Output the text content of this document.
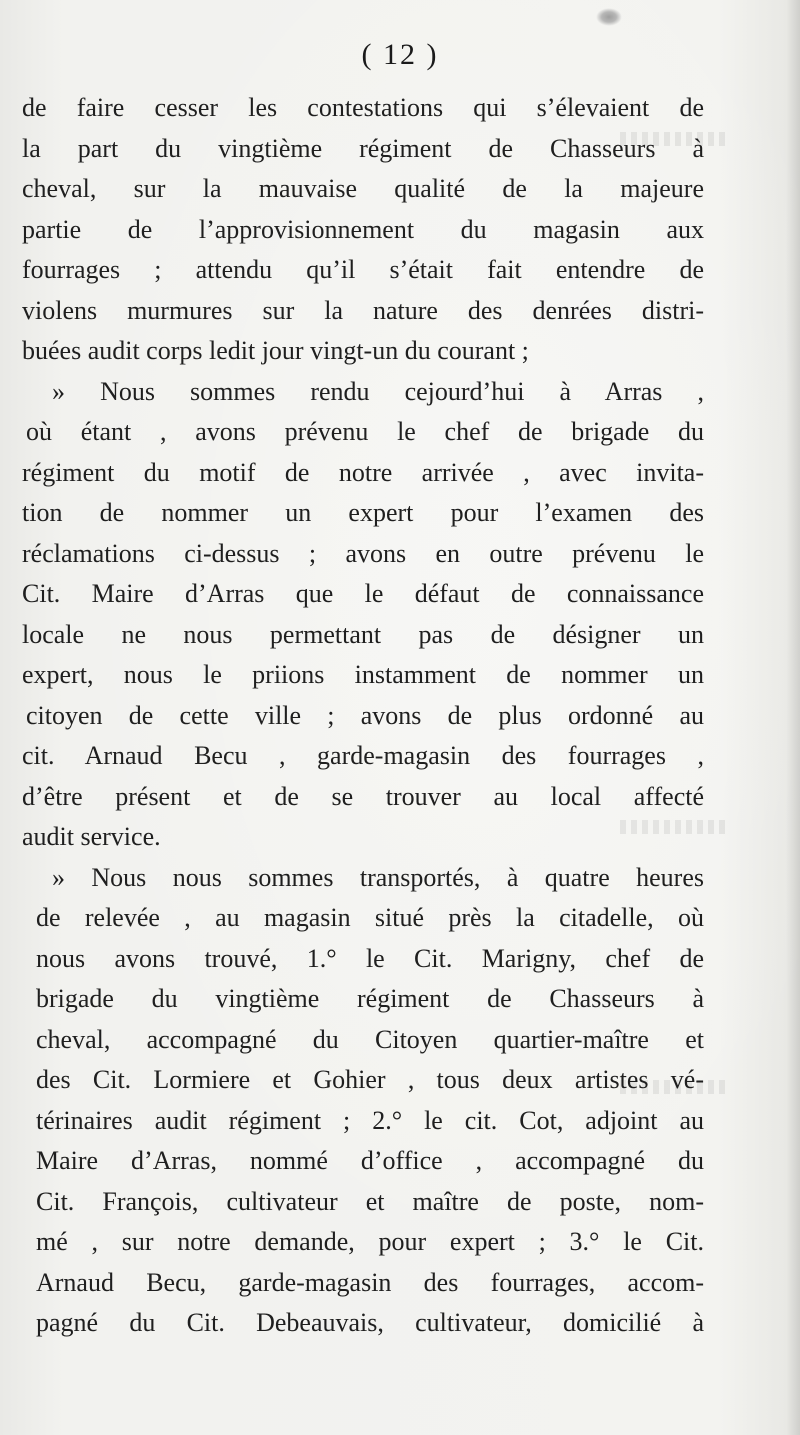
( 12 )
de faire cesser les contestations qui s’élevaient de
la part du vingtième régiment de Chasseurs à
cheval, sur la mauvaise qualité de la majeure
partie de l’approvisionnement du magasin aux
fourrages ; attendu qu’il s’était fait entendre de
violens murmures sur la nature des denrées distri-
buées audit corps ledit jour vingt-un du courant ;
» Nous sommes rendu cejourd’hui à Arras ,
où étant , avons prévenu le chef de brigade du
régiment du motif de notre arrivée , avec invita-
tion de nommer un expert pour l’examen des
réclamations ci-dessus ; avons en outre prévenu le
Cit. Maire d’Arras que le défaut de connaissance
locale ne nous permettant pas de désigner un
expert, nous le priions instamment de nommer un
citoyen de cette ville ; avons de plus ordonné au
cit. Arnaud Becu , garde-magasin des fourrages ,
d’être présent et de se trouver au local affecté
audit service.
» Nous nous sommes transportés, à quatre heures
de relevée , au magasin situé près la citadelle, où
nous avons trouvé, 1.° le Cit. Marigny, chef de
brigade du vingtième régiment de Chasseurs à
cheval, accompagné du Citoyen quartier-maître et
des Cit. Lormiere et Gohier , tous deux artistes vé-
térinaires audit régiment ; 2.° le cit. Cot, adjoint au
Maire d’Arras, nommé d’office , accompagné du
Cit. François, cultivateur et maître de poste, nom-
mé , sur notre demande, pour expert ; 3.° le Cit.
Arnaud Becu, garde-magasin des fourrages, accom-
pagné du Cit. Debeauvais, cultivateur, domicilié à
